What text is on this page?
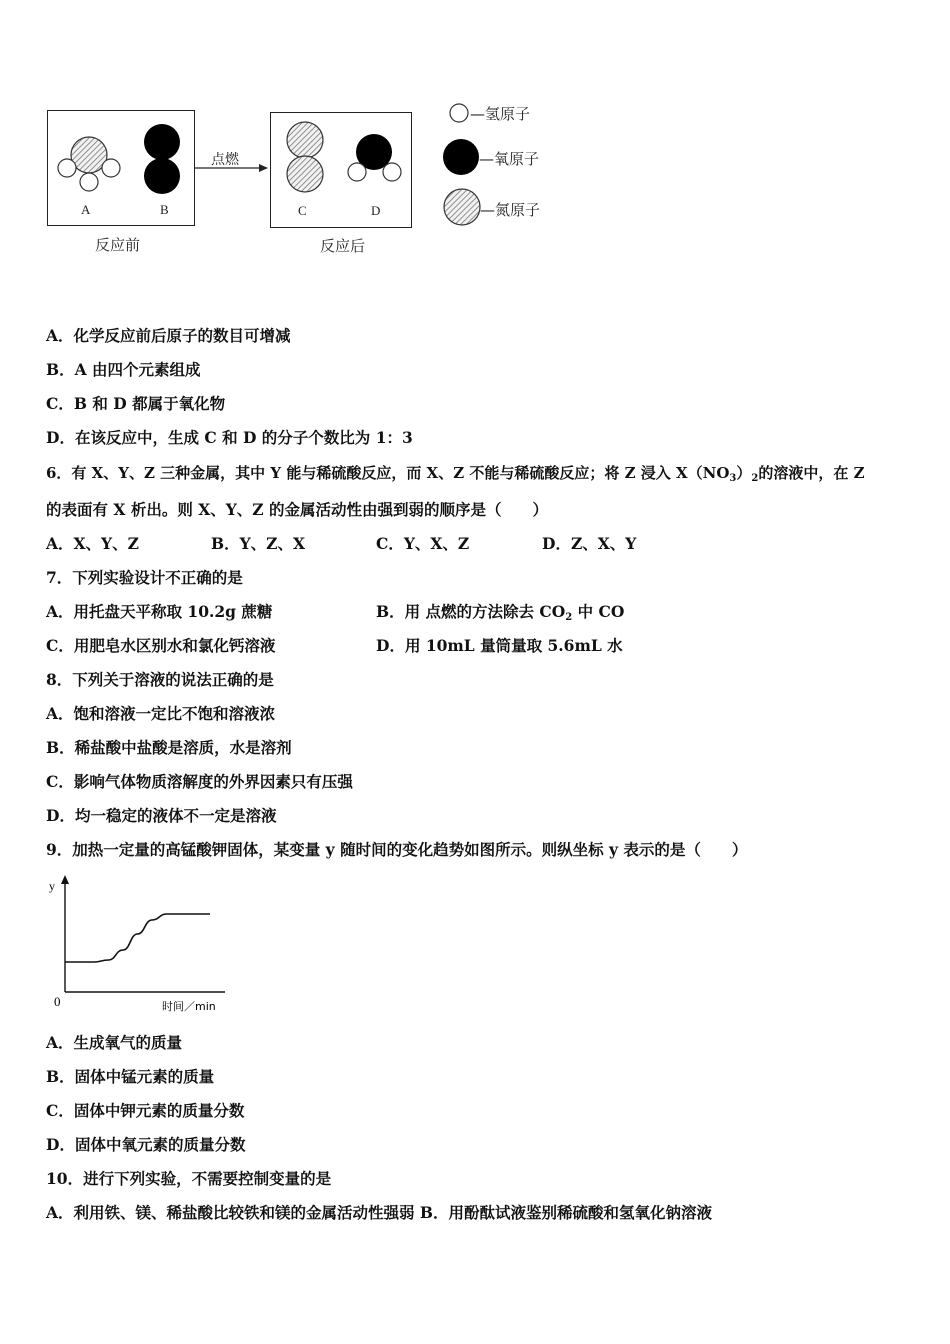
A	B	C	D
点燃
反应前	反应后
—氢原子
—氧原子
—氮原子
A．化学反应前后原子的数目可增减
B．A 由四个元素组成
C．B 和 D 都属于氧化物
D．在该反应中，生成 C 和 D 的分子个数比为 1：3
6．有 X、Y、Z 三种金属，其中 Y 能与稀硫酸反应，而 X、Z 不能与稀硫酸反应；将 Z 浸入 $X(NO_3)_2$的溶液中，在 Z
的表面有 X 析出。则 X、Y、Z 的金属活动性由强到弱的顺序是（　　）
A．X、Y、Z	B．Y、Z、X	C．Y、X、Z	D．Z、X、Y
7．下列实验设计不正确的是
A．用托盘天平称取 10.2g 蔗糖	B．用 点燃的方法除去 $CO_2$ 中 CO
C．用肥皂水区别水和氯化钙溶液	D．用 10mL 量筒量取 5.6mL 水
8．下列关于溶液的说法正确的是
A．饱和溶液一定比不饱和溶液浓
B．稀盐酸中盐酸是溶质，水是溶剂
C．影响气体物质溶解度的外界因素只有压强
D．均一稳定的液体不一定是溶液
9．加热一定量的高锰酸钾固体，某变量 y 随时间的变化趋势如图所示。则纵坐标 y 表示的是（　　）
y
0	时间／min
A．生成氧气的质量
B．固体中锰元素的质量
C．固体中钾元素的质量分数
D．固体中氧元素的质量分数
10．进行下列实验，不需要控制变量的是
A．利用铁、镁、稀盐酸比较铁和镁的金属活动性强弱 B．用酚酞试液鉴别稀硫酸和氢氧化钠溶液
